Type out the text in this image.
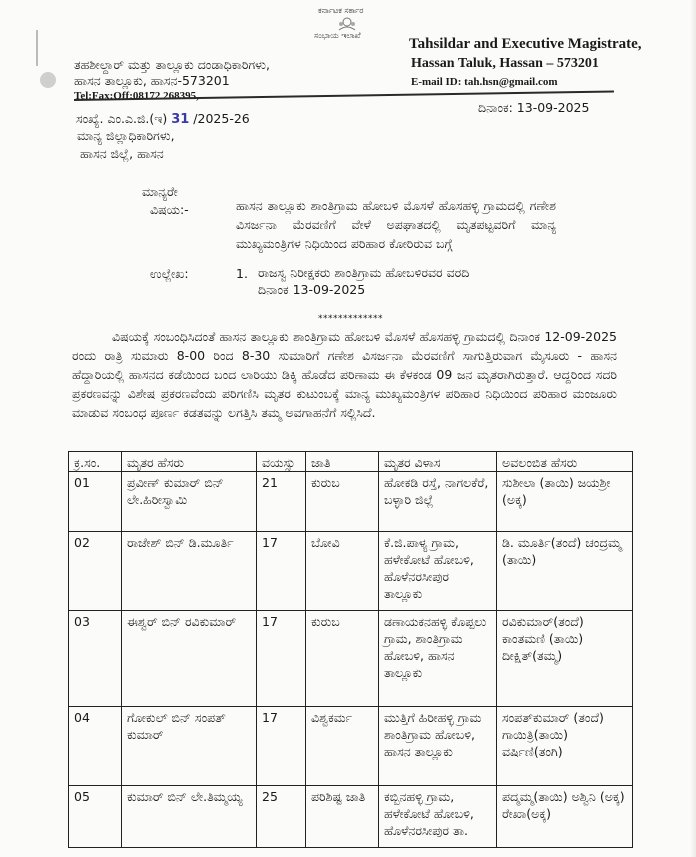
ಕರ್ನಾಟಕ ಸರ್ಕಾರ
ಸಂಭಾಯ ಇಲಾಖೆ
ತಹಶೀಲ್ದಾರ್ ಮತ್ತು ತಾಲ್ಲೂಕು ದಂಡಾಧಿಕಾರಿಗಳು,
ಹಾಸನ ತಾಲ್ಲೂಕು, ಹಾಸನ-573201
Tel:Fax:Off:08172 268395,
Tahsildar and Executive Magistrate,
Hassan Taluk, Hassan – 573201
E-mail ID: tah.hsn@gmail.com
ದಿನಾಂಕ: 13-09-2025
ಸಂಖ್ಯೆ. ಎಂ.ಎ.ಜಿ.(ಇ) 31 /2025-26
ಮಾನ್ಯ ಜಿಲ್ಲಾಧಿಕಾರಿಗಳು,
ಹಾಸನ ಜಿಲ್ಲೆ, ಹಾಸನ
ಮಾನ್ಯರೇ
ವಿಷಯ:-	ಹಾಸನ ತಾಲ್ಲೂಕು ಶಾಂತಿಗ್ರಾಮ ಹೋಬಳಿ ಮೊಸಳೆ ಹೊಸಹಳ್ಳಿ ಗ್ರಾಮದಲ್ಲಿ ಗಣೇಶ ವಿಸರ್ಜನಾ ಮೆರವಣಿಗೆ ವೇಳೆ ಅಪಘಾತದಲ್ಲಿ ಮೃತಪಟ್ಟವರಿಗೆ ಮಾನ್ಯ ಮುಖ್ಯಮಂತ್ರಿಗಳ ನಿಧಿಯಿಂದ ಪರಿಹಾರ ಕೋರಿರುವ ಬಗ್ಗೆ
ಉಲ್ಲೇಖ:	1. ರಾಜಸ್ವ ನಿರೀಕ್ಷಕರು ಶಾಂತಿಗ್ರಾಮ ಹೋಬಳಿರವರ ವರದಿ
ದಿನಾಂಕ 13-09-2025
*************
ವಿಷಯಕ್ಕೆ ಸಂಬಂಧಿಸಿದಂತೆ ಹಾಸನ ತಾಲ್ಲೂಕು ಶಾಂತಿಗ್ರಾಮ ಹೋಬಳಿ ಮೊಸಳೆ ಹೊಸಹಳ್ಳಿ ಗ್ರಾಮದಲ್ಲಿ ದಿನಾಂಕ 12-09-2025 ರಂದು ರಾತ್ರಿ ಸುಮಾರು 8-00 ರಿಂದ 8-30 ಸುಮಾರಿಗೆ ಗಣೇಶ ವಿಸರ್ಜನಾ ಮೆರವಣಿಗೆ ಸಾಗುತ್ತಿರುವಾಗ ಮೈಸೂರು - ಹಾಸನ ಹೆದ್ದಾರಿಯಲ್ಲಿ ಹಾಸನದ ಕಡೆಯಿಂದ ಬಂದ ಲಾರಿಯು ಡಿಕ್ಕಿ ಹೊಡೆದ ಪರಿಣಾಮ ಈ ಕೆಳಕಂಡ 09 ಜನ ಮೃತರಾಗಿರುತ್ತಾರೆ. ಆದ್ದರಿಂದ ಸದರಿ ಪ್ರಕರಣವನ್ನು ವಿಶೇಷ ಪ್ರಕರಣವೆಂದು ಪರಿಗಣಿಸಿ ಮೃತರ ಕುಟುಂಬಕ್ಕೆ ಮಾನ್ಯ ಮುಖ್ಯಮಂತ್ರಿಗಳ ಪರಿಹಾರ ನಿಧಿಯಿಂದ ಪರಿಹಾರ ಮಂಜೂರು ಮಾಡುವ ಸಂಬಂಧ ಪೂರ್ಣ ಕಡತವನ್ನು ಲಗತ್ತಿಸಿ ತಮ್ಮ ಅವಗಾಹನೆಗೆ ಸಲ್ಲಿಸಿದೆ.
ಕ್ರ.ಸಂ.	ಮೃತರ ಹೆಸರು	ವಯಸ್ಸು	ಜಾತಿ	ಮೃತರ ವಿಳಾಸ	ಅವಲಂಬಿತ ಹೆಸರು
01	ಪ್ರವೀಣ್ ಕುಮಾರ್ ಬಿನ್ ಲೇ.ಹಿರೀಸ್ವಾಮಿ	21	ಕುರುಬ	ಹೋಕಡಿ ರಸ್ತೆ, ನಾಗಲಕೆರೆ, ಬಳ್ಳಾರಿ ಜಿಲ್ಲೆ	ಸುಶೀಲಾ (ತಾಯಿ) ಜಯಶ್ರೀ (ಅಕ್ಕ)

02	ರಾಜೇಶ್ ಬಿನ್ ಡಿ.ಮೂರ್ತಿ	17	ಬೋವಿ	ಕೆ.ಜಿ.ಪಾಳ್ಯ ಗ್ರಾಮ, ಹಳೇಕೋಟೆ ಹೋಬಳಿ, ಹೊಳೆನರಸೀಪುರ ತಾಲ್ಲೂಕು	ಡಿ. ಮೂರ್ತಿ(ತಂದೆ) ಚಂದ್ರಮ್ಮ (ತಾಯಿ)

03	ಈಶ್ವರ್ ಬಿನ್ ರವಿಕುಮಾರ್	17	ಕುರುಬ	ಡಣಾಯಕನಹಳ್ಳಿ ಕೊಪ್ಪಲು ಗ್ರಾಮ, ಶಾಂತಿಗ್ರಾಮ ಹೋಬಳಿ, ಹಾಸನ ತಾಲ್ಲೂಕು	ರವಿಕುಮಾರ್(ತಂದೆ) ಕಾಂತಮಣಿ (ತಾಯಿ) ದೀಕ್ಷಿತ್(ತಮ್ಮ)

04	ಗೋಕುಲ್ ಬಿನ್ ಸಂಪತ್ ಕುಮಾರ್	17	ವಿಶ್ವಕರ್ಮ	ಮುತ್ತಿಗೆ ಹಿರೀಹಳ್ಳಿ ಗ್ರಾಮ ಶಾಂತಿಗ್ರಾಮ ಹೋಬಳಿ, ಹಾಸನ ತಾಲ್ಲೂಕು	ಸಂಪತ್‌ಕುಮಾರ್ (ತಂದೆ) ಗಾಯಿತ್ರಿ(ತಾಯಿ) ವರ್ಷಿಣಿ(ತಂಗಿ)

05	ಕುಮಾರ್ ಬಿನ್ ಲೇ.ತಿಮ್ಮಯ್ಯ	25	ಪರಿಶಿಷ್ಟ ಜಾತಿ	ಕಬ್ಬಿನಹಳ್ಳಿ ಗ್ರಾಮ, ಹಳೇಕೋಟೆ ಹೋಬಳಿ, ಹೊಳೆನರಸೀಪುರ ತಾ.	ಪದ್ಮಮ್ಮ(ತಾಯಿ) ಅಶ್ವಿನಿ (ಅಕ್ಕ) ರೇಖಾ(ಅಕ್ಕ)
